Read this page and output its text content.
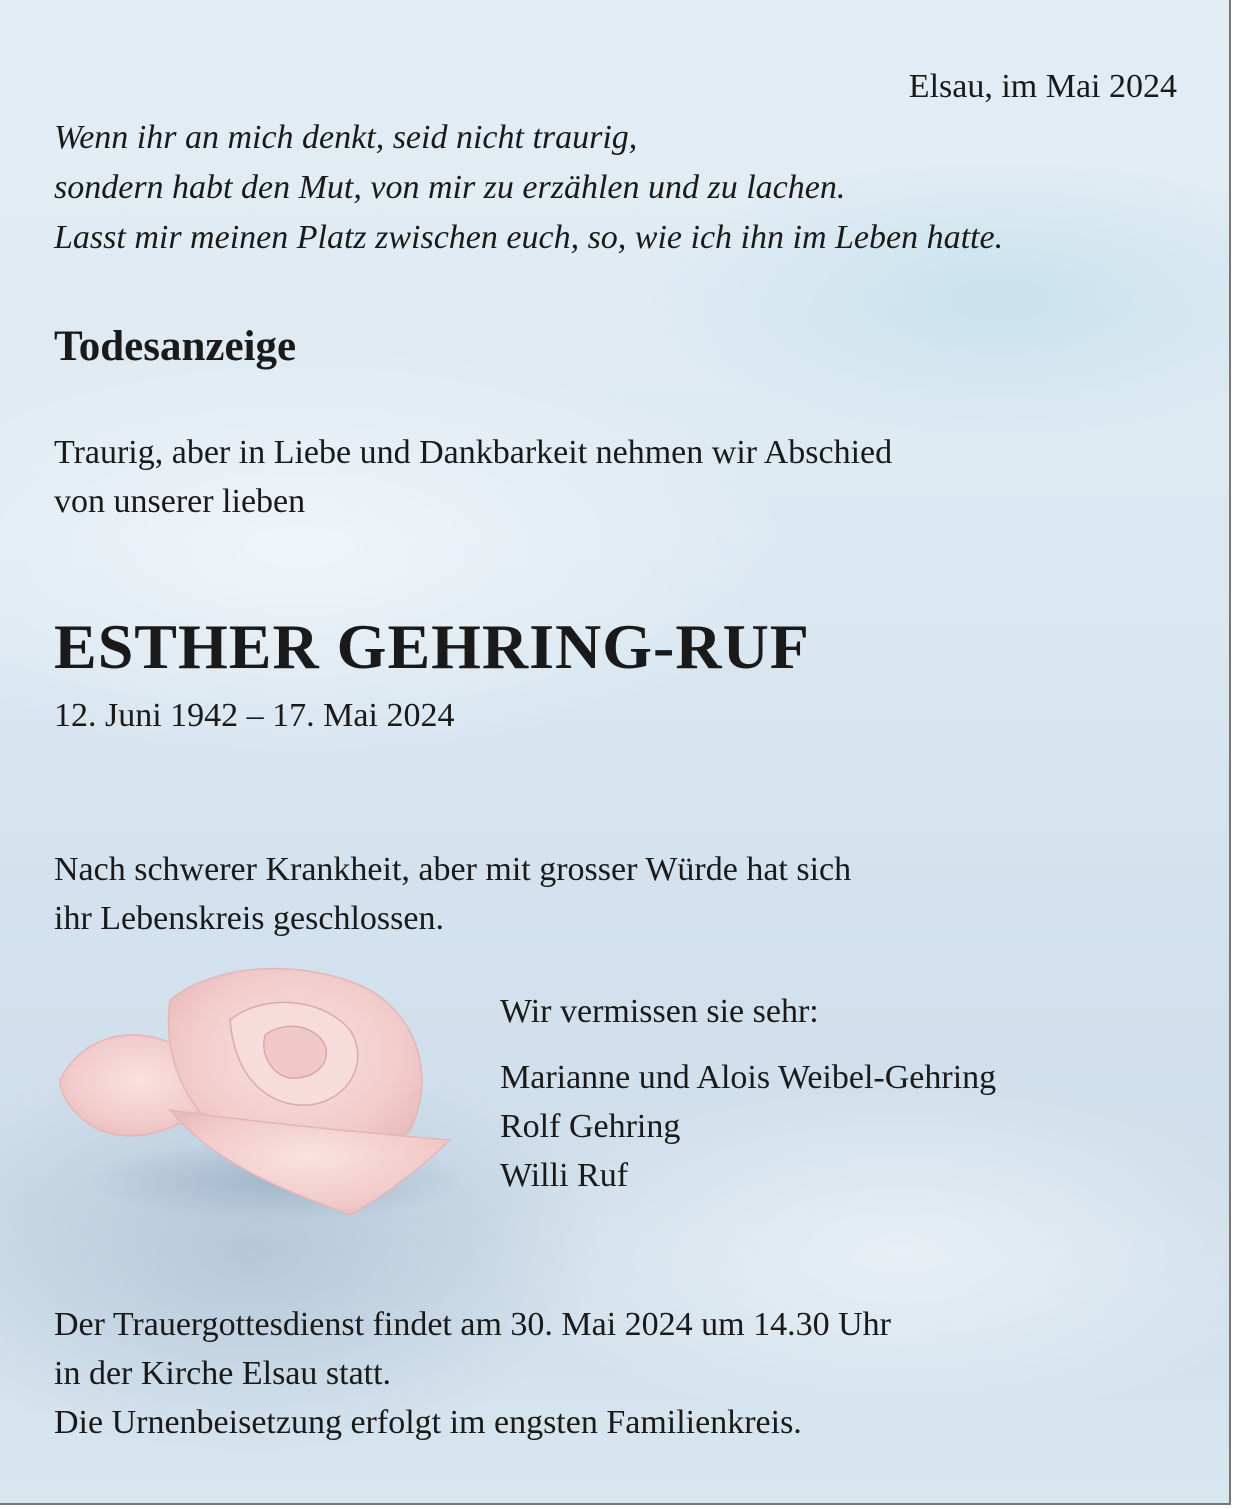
Elsau, im Mai 2024
Wenn ihr an mich denkt, seid nicht traurig,
sondern habt den Mut, von mir zu erzählen und zu lachen.
Lasst mir meinen Platz zwischen euch, so, wie ich ihn im Leben hatte.
Todesanzeige
Traurig, aber in Liebe und Dankbarkeit nehmen wir Abschied
von unserer lieben
ESTHER GEHRING-RUF
12. Juni 1942 – 17. Mai 2024
Nach schwerer Krankheit, aber mit grosser Würde hat sich
ihr Lebenskreis geschlossen.
Wir vermissen sie sehr:
Marianne und Alois Weibel-Gehring
Rolf Gehring
Willi Ruf
Der Trauergottesdienst findet am 30. Mai 2024 um 14.30 Uhr
in der Kirche Elsau statt.
Die Urnenbeisetzung erfolgt im engsten Familienkreis.
